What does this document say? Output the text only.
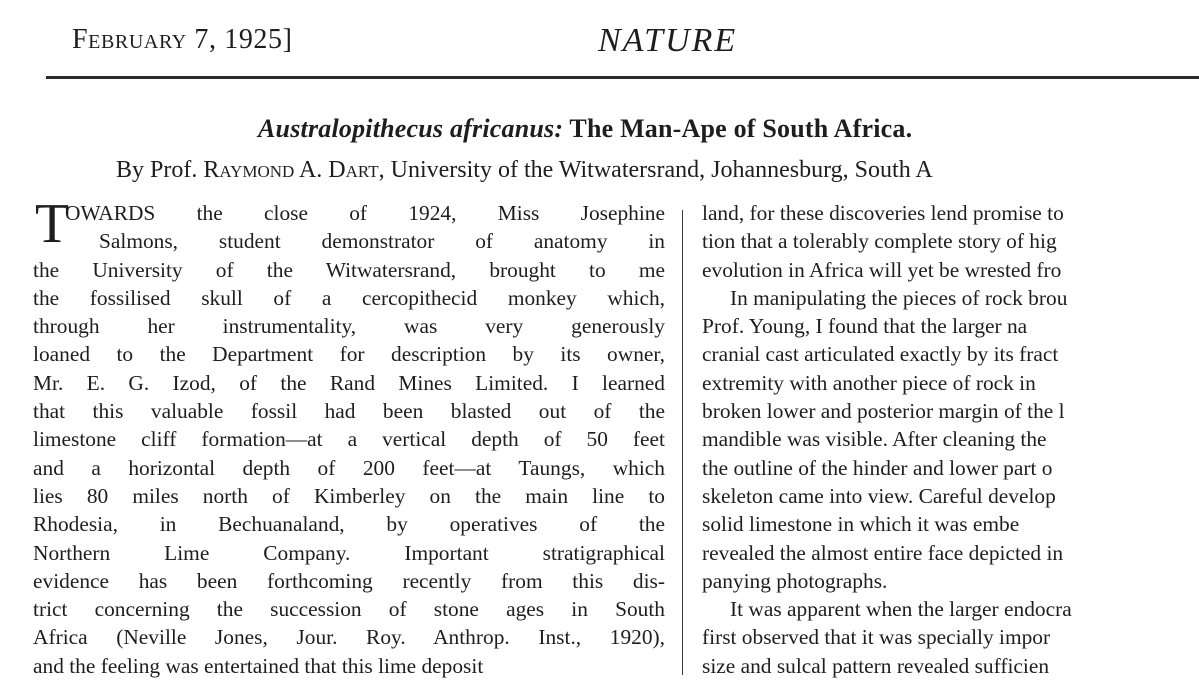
February 7, 1925]	NATURE
Australopithecus africanus: The Man-Ape of South Africa.
By Prof. Raymond A. Dart, University of the Witwatersrand, Johannesburg, South A
T
OWARDS the close of 1924, Miss Josephine
Salmons, student demonstrator of anatomy in
the University of the Witwatersrand, brought to me
the fossilised skull of a cercopithecid monkey which,
through her instrumentality, was very generously
loaned to the Department for description by its owner,
Mr. E. G. Izod, of the Rand Mines Limited. I learned
that this valuable fossil had been blasted out of the
limestone cliff formation—at a vertical depth of 50 feet
and a horizontal depth of 200 feet—at Taungs, which
lies 80 miles north of Kimberley on the main line to
Rhodesia, in Bechuanaland, by operatives of the
Northern Lime Company. Important stratigraphical
evidence has been forthcoming recently from this dis-
trict concerning the succession of stone ages in South
Africa (Neville Jones, Jour. Roy. Anthrop. Inst., 1920),
and the feeling was entertained that this lime deposit
land, for these discoveries lend promise to
tion that a tolerably complete story of hig
evolution in Africa will yet be wrested fro
In manipulating the pieces of rock brou
Prof. Young, I found that the larger na
cranial cast articulated exactly by its fract
extremity with another piece of rock in
broken lower and posterior margin of the l
mandible was visible. After cleaning the
the outline of the hinder and lower part o
skeleton came into view. Careful develop
solid limestone in which it was embe
revealed the almost entire face depicted in
panying photographs.
It was apparent when the larger endocra
first observed that it was specially impor
size and sulcal pattern revealed sufficien
